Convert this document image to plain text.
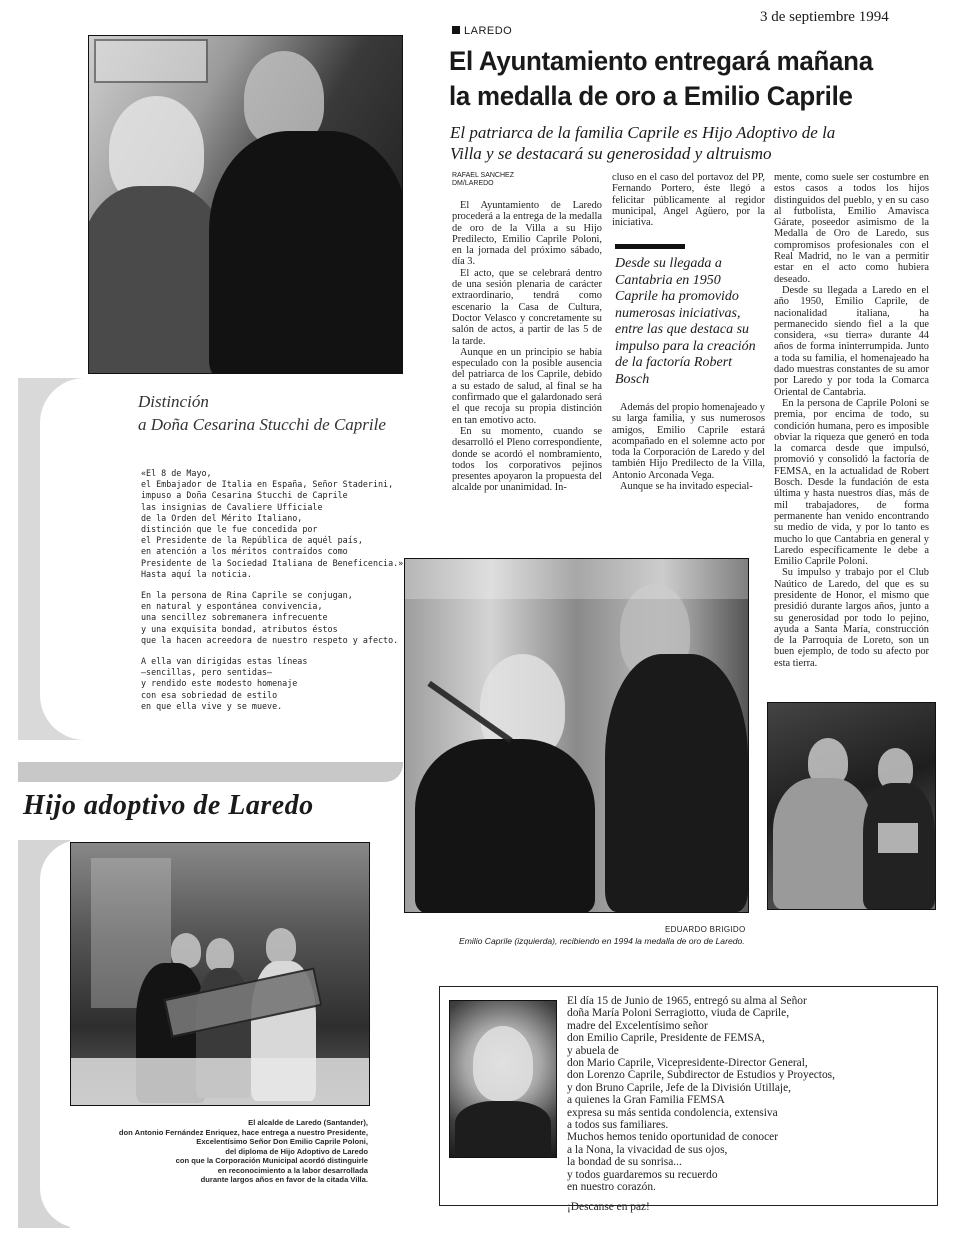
3 de septiembre 1994
LAREDO
El Ayuntamiento entregará mañana
la medalla de oro a Emilio Caprile
El patriarca de la familia Caprile es Hijo Adoptivo de la
Villa y se destacará su generosidad y altruismo
RAFAEL SANCHEZ
DM/LAREDO
Distinción
a Doña Cesarina Stucchi de Caprile
«El 8 de Mayo,
el Embajador de Italia en España, Señor Staderini,
impuso a Doña Cesarina Stucchi de Caprile
las insignias de Cavaliere Ufficiale
de la Orden del Mérito Italiano,
distinción que le fue concedida por
el Presidente de la República de aquél país,
en atención a los méritos contraidos como
Presidente de la Sociedad Italiana de Beneficencia.»
Hasta aquí la noticia.
En la persona de Rina Caprile se conjugan,
en natural y espontánea convivencia,
una sencillez sobremanera infrecuente
y una exquisita bondad, atributos éstos
que la hacen acreedora de nuestro respeto y afecto.
A ella van dirigidas estas líneas
—sencillas, pero sentidas—
y rendido este modesto homenaje
con esa sobriedad de estilo
en que ella vive y se mueve.
Hijo adoptivo de Laredo
El alcalde de Laredo (Santander),
don Antonio Fernández Enriquez, hace entrega a nuestro Presidente,
Excelentísimo Señor Don Emilio Caprile Poloni,
del diploma de Hijo Adoptivo de Laredo
con que la Corporación Municipal acordó distinguirle
en reconocimiento a la labor desarrollada
durante largos años en favor de la citada Villa.

El Ayuntamiento de Laredo procederá a la entrega de la medalla de oro de la Villa a su Hijo Predilecto, Emilio Caprile Poloni, en la jornada del próximo sábado, día 3.

El acto, que se celebrará dentro de una sesión plenaria de carácter extraordinario, tendrá como escenario la Casa de Cultura, Doctor Velasco y concretamente su salón de actos, a partir de las 5 de la tarde.

Aunque en un principio se había especulado con la posible ausencia del patriarca de los Caprile, debido a su estado de salud, al final se ha confirmado que el galardonado será el que recoja su propia distinción en tan emotivo acto.

En su momento, cuando se desarrolló el Pleno correspondiente, donde se acordó el nombramiento, todos los corporativos pejinos presentes apoyaron la propuesta del alcalde por unanimidad. In-

cluso en el caso del portavoz del PP, Fernando Portero, éste llegó a felicitar públicamente al regidor municipal, Angel Agüero, por la iniciativa.

Desde su llegada a Cantabria en 1950 Caprile ha promovido numerosas iniciativas, entre las que destaca su impulso para la creación de la factoría Robert Bosch

Además del propio homenajeado y su larga familia, y sus numerosos amigos, Emilio Caprile estará acompañado en el solemne acto por toda la Corporación de Laredo y del también Hijo Predilecto de la Villa, Antonio Arconada Vega.

Aunque se ha invitado especial-

mente, como suele ser costumbre en estos casos a todos los hijos distinguidos del pueblo, y en su caso al futbolista, Emilio Amavisca Gárate, poseedor asimismo de la Medalla de Oro de Laredo, sus compromisos profesionales con el Real Madrid, no le van a permitir estar en el acto como hubiera deseado.

Desde su llegada a Laredo en el año 1950, Emilio Caprile, de nacionalidad italiana, ha permanecido siendo fiel a la que considera, «su tierra» durante 44 años de forma ininterrumpida. Junto a toda su familia, el homenajeado ha dado muestras constantes de su amor por Laredo y por toda la Comarca Oriental de Cantabria.

En la persona de Caprile Poloni se premia, por encima de todo, su condición humana, pero es imposible obviar la riqueza que generó en toda la comarca desde que impulsó, promovió y consolidó la factoría de FEMSA, en la actualidad de Robert Bosch. Desde la fundación de esta última y hasta nuestros días, más de mil trabajadores, de forma permanente han venido encontrando su medio de vida, y por lo tanto es mucho lo que Cantabria en general y Laredo específicamente le debe a Emilio Caprile Poloni.

Su impulso y trabajo por el Club Naútico de Laredo, del que es su presidente de Honor, el mismo que presidió durante largos años, junto a su generosidad por todo lo pejino, ayuda a Santa María, construcción de la Parroquia de Loreto, son un buen ejemplo, de todo su afecto por esta tierra.

EDUARDO BRIGIDO
Emilio Caprile (izquierda), recibiendo en 1994 la medalla de oro de Laredo.
El día 15 de Junio de 1965, entregó su alma al Señor
doña María Poloni Serragiotto, viuda de Caprile,
madre del Excelentísimo señor
don Emilio Caprile, Presidente de FEMSA,
y abuela de
don Mario Caprile, Vicepresidente-Director General,
don Lorenzo Caprile, Subdirector de Estudios y Proyectos,
y don Bruno Caprile, Jefe de la División Utillaje,
a quienes la Gran Familia FEMSA
expresa su más sentida condolencia, extensiva
a todos sus familiares.
Muchos hemos tenido oportunidad de conocer
a la Nona, la vivacidad de sus ojos,
la bondad de su sonrisa...
y todos guardaremos su recuerdo
en nuestro corazón.
¡Descanse en paz!
